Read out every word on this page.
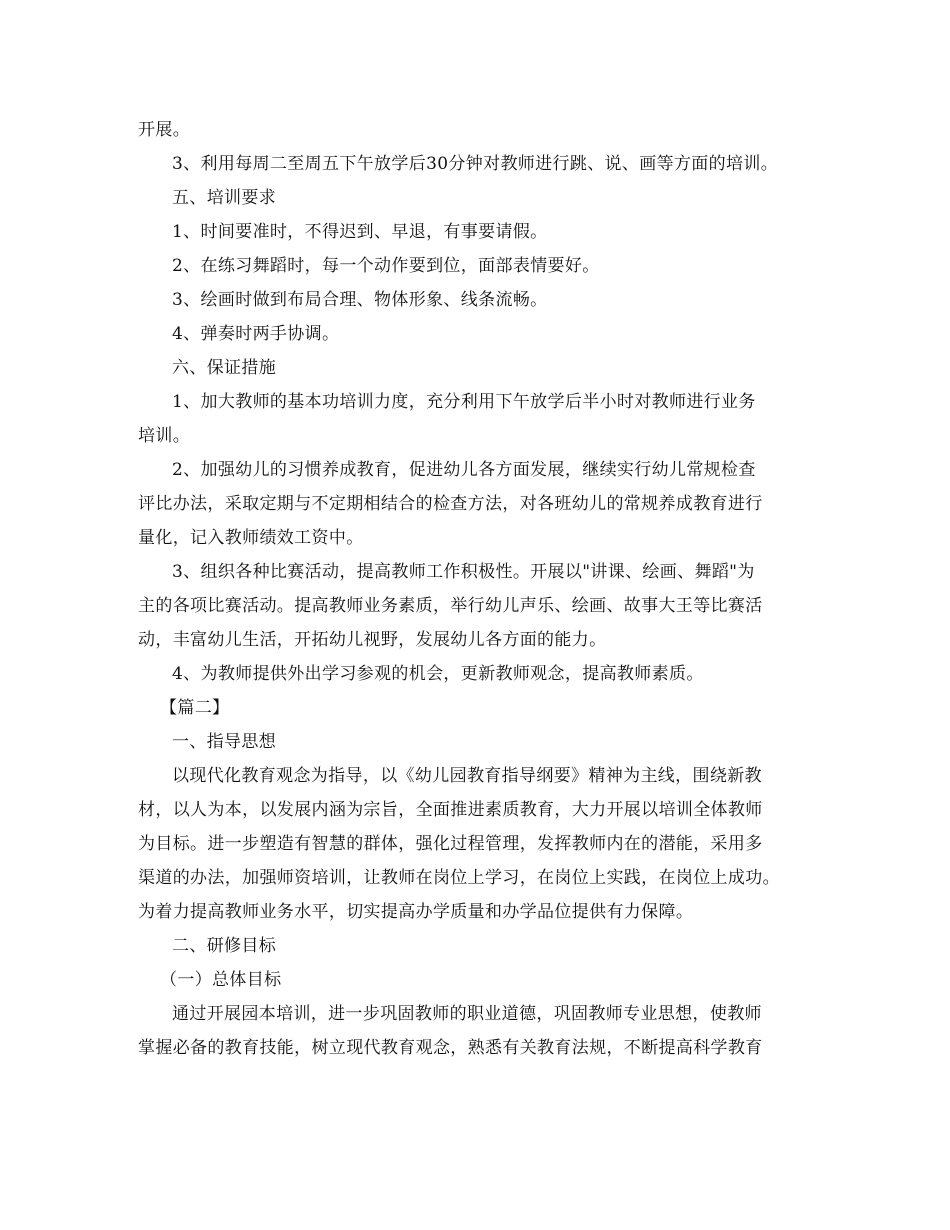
开展。
3、利用每周二至周五下午放学后30分钟对教师进行跳、说、画等方面的培训。
五、培训要求
1、时间要准时，不得迟到、早退，有事要请假。
2、在练习舞蹈时，每一个动作要到位，面部表情要好。
3、绘画时做到布局合理、物体形象、线条流畅。
4、弹奏时两手协调。
六、保证措施
1、加大教师的基本功培训力度，充分利用下午放学后半小时对教师进行业务
培训。
2、加强幼儿的习惯养成教育，促进幼儿各方面发展，继续实行幼儿常规检查
评比办法，采取定期与不定期相结合的检查方法，对各班幼儿的常规养成教育进行
量化，记入教师绩效工资中。
3、组织各种比赛活动，提高教师工作积极性。开展以"讲课、绘画、舞蹈"为
主的各项比赛活动。提高教师业务素质，举行幼儿声乐、绘画、故事大王等比赛活
动，丰富幼儿生活，开拓幼儿视野，发展幼儿各方面的能力。
4、为教师提供外出学习参观的机会，更新教师观念，提高教师素质。
【篇二】
一、指导思想
以现代化教育观念为指导，以《幼儿园教育指导纲要》精神为主线，围绕新教
材，以人为本，以发展内涵为宗旨，全面推进素质教育，大力开展以培训全体教师
为目标。进一步塑造有智慧的群体，强化过程管理，发挥教师内在的潜能，采用多
渠道的办法，加强师资培训，让教师在岗位上学习，在岗位上实践，在岗位上成功。
为着力提高教师业务水平，切实提高办学质量和办学品位提供有力保障。
二、研修目标
（一）总体目标
通过开展园本培训，进一步巩固教师的职业道德，巩固教师专业思想，使教师
掌握必备的教育技能，树立现代教育观念，熟悉有关教育法规，不断提高科学教育
